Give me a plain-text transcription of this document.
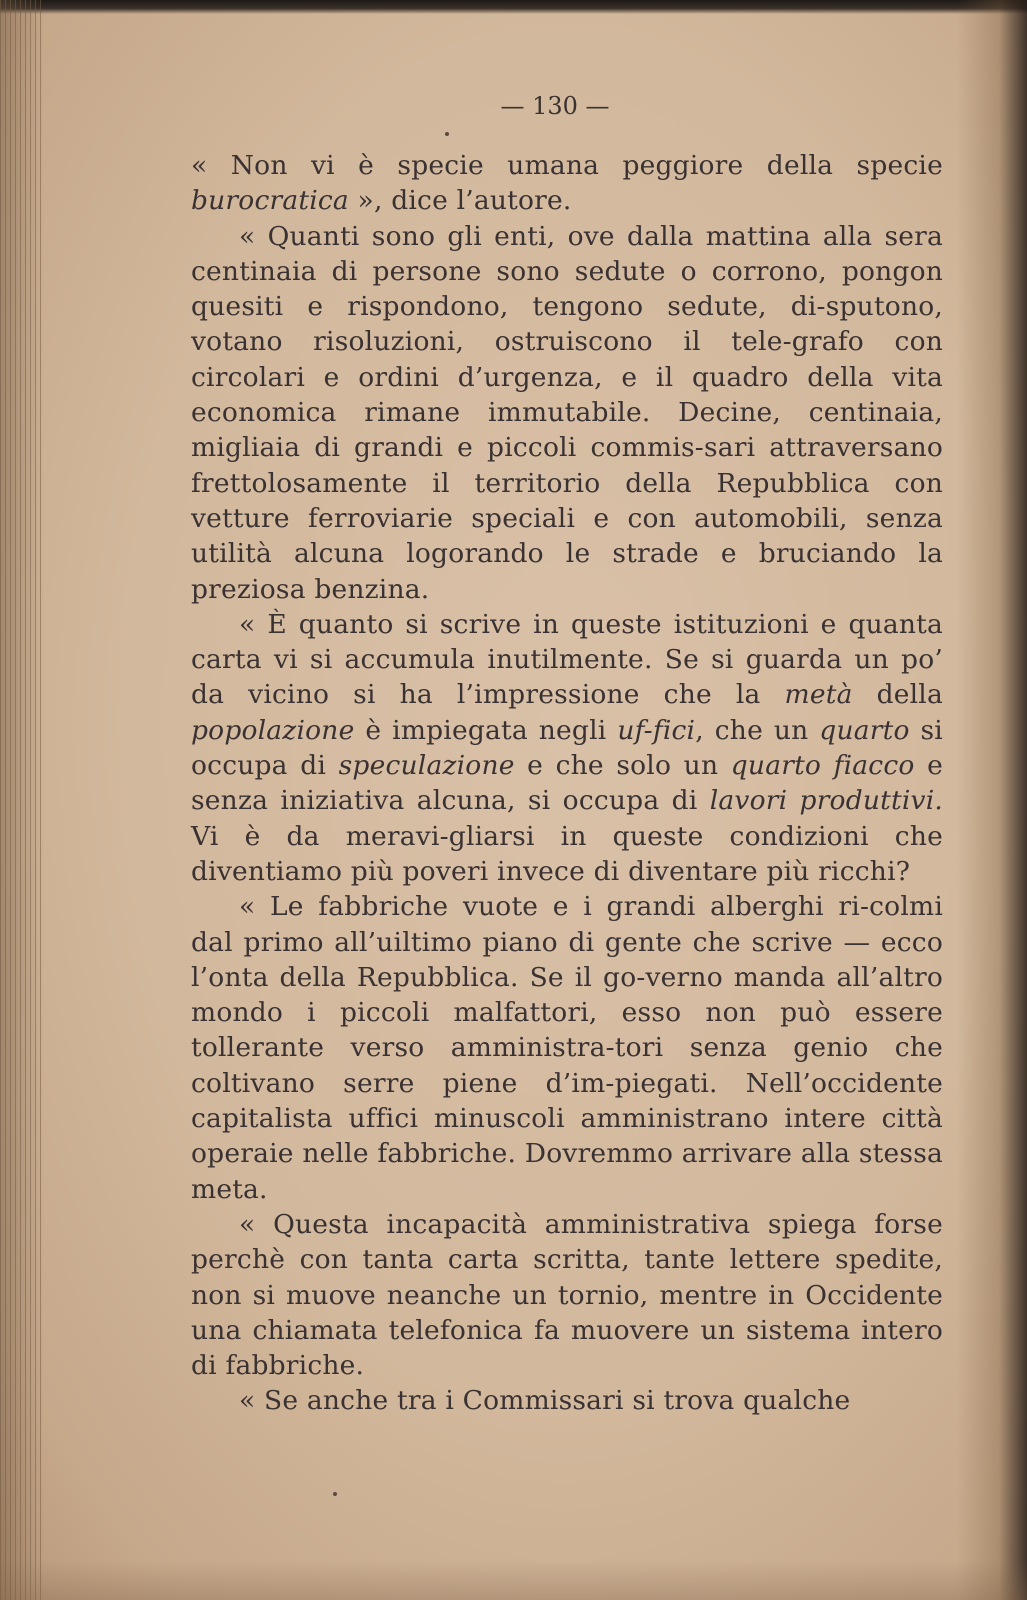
— 130 —

« Non vi è specie umana peggiore della specie burocratica », dice l’autore.

« Quanti sono gli enti, ove dalla mattina alla sera centinaia di persone sono sedute o corrono, pongon quesiti e rispondono, tengono sedute, di-sputono, votano risoluzioni, ostruiscono il tele-grafo con circolari e ordini d’urgenza, e il quadro della vita economica rimane immutabile. Decine, centinaia, migliaia di grandi e piccoli commis-sari attraversano frettolosamente il territorio della Repubblica con vetture ferroviarie speciali e con automobili, senza utilità alcuna logorando le strade e bruciando la preziosa benzina.

« È quanto si scrive in queste istituzioni e quanta carta vi si accumula inutilmente. Se si guarda un po’ da vicino si ha l’impressione che la metà della popolazione è impiegata negli uf-fici, che un quarto si occupa di speculazione e che solo un quarto fiacco e senza iniziativa alcuna, si occupa di lavori produttivi. Vi è da meravi-gliarsi in queste condizioni che diventiamo più poveri invece di diventare più ricchi?

« Le fabbriche vuote e i grandi alberghi ri-colmi dal primo all’uiltimo piano di gente che scrive — ecco l’onta della Repubblica. Se il go-verno manda all’altro mondo i piccoli malfattori, esso non può essere tollerante verso amministra-tori senza genio che coltivano serre piene d’im-piegati. Nell’occidente capitalista uffici minuscoli amministrano intere città operaie nelle fabbriche. Dovremmo arrivare alla stessa meta.

« Questa incapacità amministrativa spiega forse perchè con tanta carta scritta, tante lettere spedite, non si muove neanche un tornio, mentre in Occidente una chiamata telefonica fa muovere un sistema intero di fabbriche.

« Se anche tra i Commissari si trova qualche
